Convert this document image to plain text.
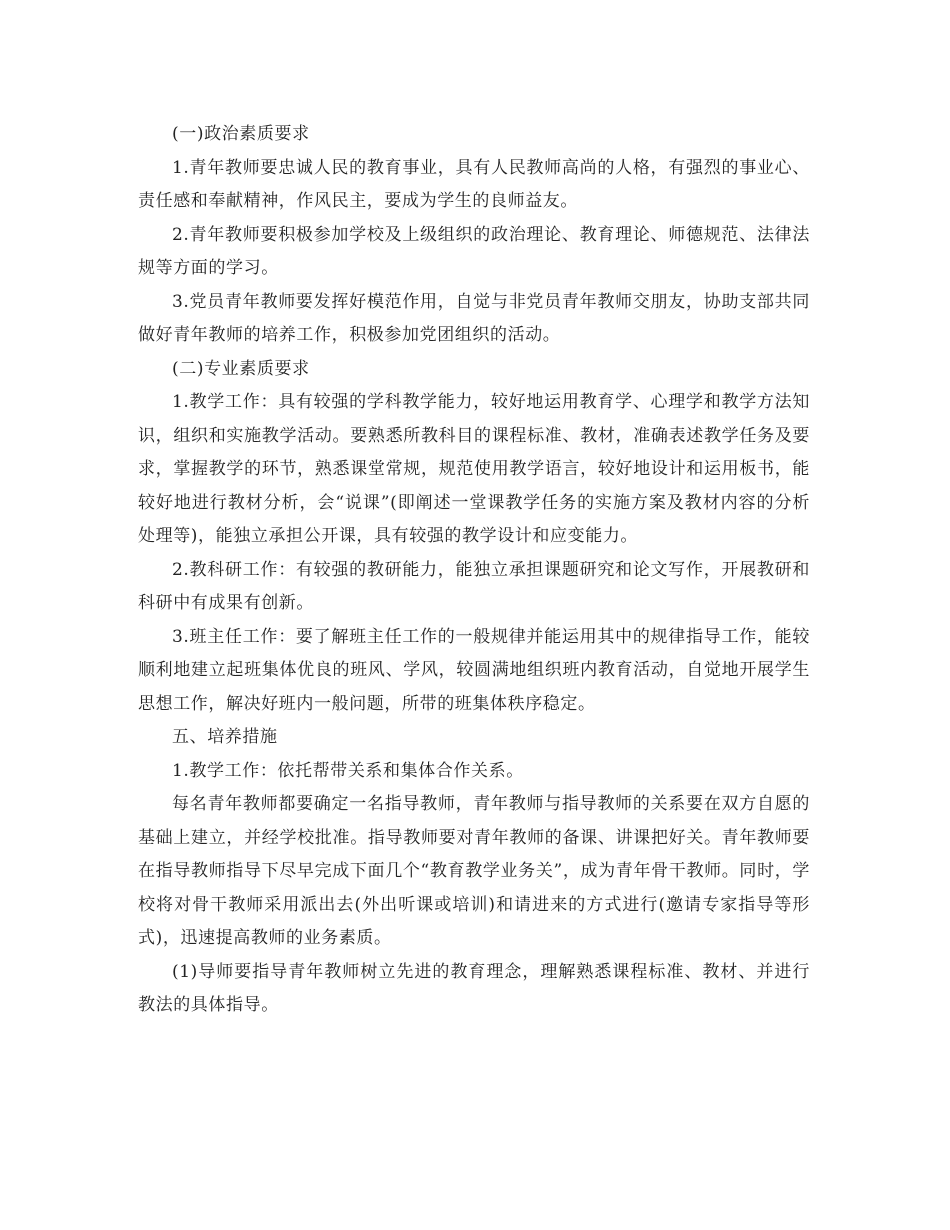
(一)政治素质要求

1.青年教师要忠诚人民的教育事业，具有人民教师高尚的人格，有强烈的事业心、责任感和奉献精神，作风民主，要成为学生的良师益友。

2.青年教师要积极参加学校及上级组织的政治理论、教育理论、师德规范、法律法规等方面的学习。

3.党员青年教师要发挥好模范作用，自觉与非党员青年教师交朋友，协助支部共同做好青年教师的培养工作，积极参加党团组织的活动。

(二)专业素质要求

1.教学工作：具有较强的学科教学能力，较好地运用教育学、心理学和教学方法知识，组织和实施教学活动。要熟悉所教科目的课程标准、教材，准确表述教学任务及要求，掌握教学的环节，熟悉课堂常规，规范使用教学语言，较好地设计和运用板书，能较好地进行教材分析，会“说课”(即阐述一堂课教学任务的实施方案及教材内容的分析处理等)，能独立承担公开课，具有较强的教学设计和应变能力。

2.教科研工作：有较强的教研能力，能独立承担课题研究和论文写作，开展教研和科研中有成果有创新。

3.班主任工作：要了解班主任工作的一般规律并能运用其中的规律指导工作，能较顺利地建立起班集体优良的班风、学风，较圆满地组织班内教育活动，自觉地开展学生思想工作，解决好班内一般问题，所带的班集体秩序稳定。

五、培养措施

1.教学工作：依托帮带关系和集体合作关系。

每名青年教师都要确定一名指导教师，青年教师与指导教师的关系要在双方自愿的基础上建立，并经学校批准。指导教师要对青年教师的备课、讲课把好关。青年教师要在指导教师指导下尽早完成下面几个“教育教学业务关”，成为青年骨干教师。同时，学校将对骨干教师采用派出去(外出听课或培训)和请进来的方式进行(邀请专家指导等形式)，迅速提高教师的业务素质。

(1)导师要指导青年教师树立先进的教育理念，理解熟悉课程标准、教材、并进行教法的具体指导。
